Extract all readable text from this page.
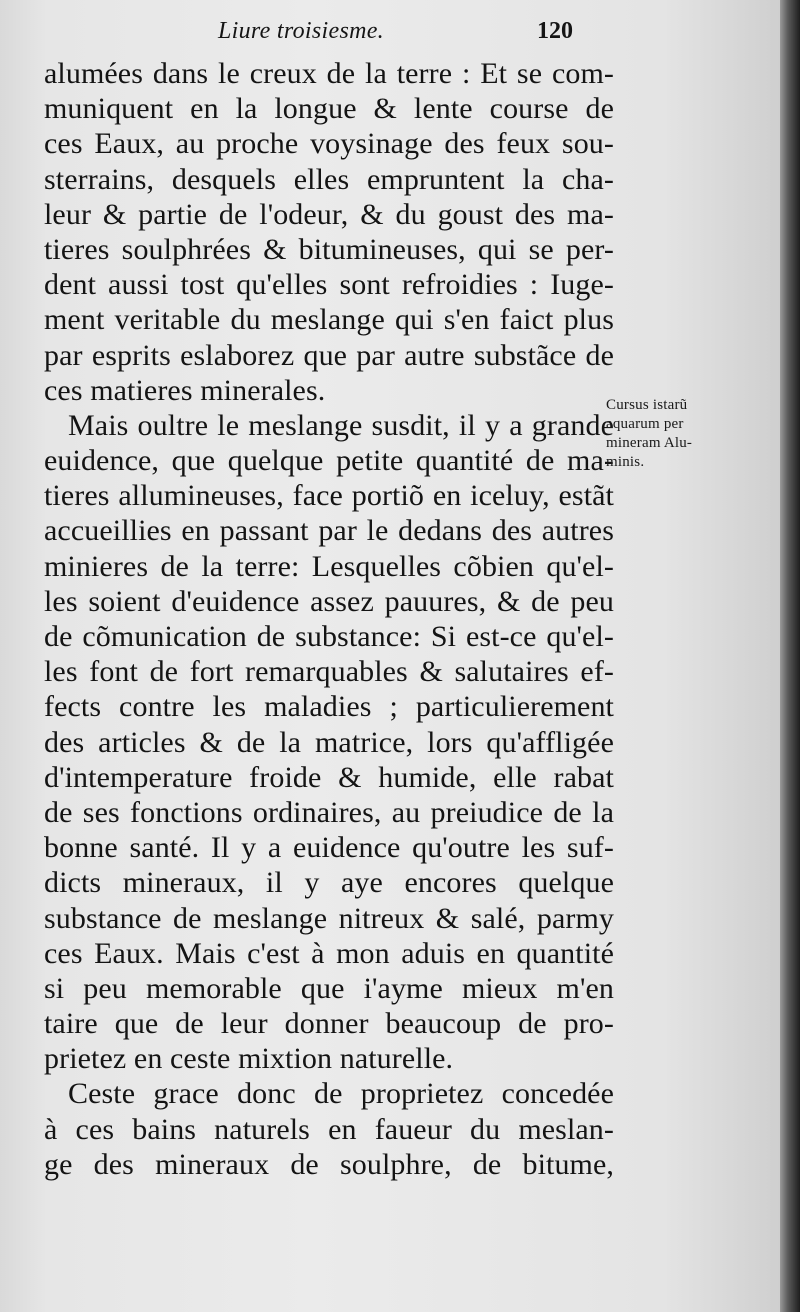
Liure troisiesme.	120
alumées dans le creux de la terre : Et se com-
muniquent en la longue & lente course de
ces Eaux, au proche voysinage des feux sou-
sterrains, desquels elles empruntent la cha-
leur & partie de l'odeur, & du goust des ma-
tieres soulphrées & bitumineuses, qui se per-
dent aussi tost qu'elles sont refroidies : Iuge-
ment veritable du meslange qui s'en faict plus
par esprits eslaborez que par autre substãce de
ces matieres minerales.
Mais oultre le meslange susdit, il y a grande
euidence, que quelque petite quantité de ma-
tieres allumineuses, face portiõ en iceluy, estãt
accueillies en passant par le dedans des autres
minieres de la terre: Lesquelles cõbien qu'el-
les soient d'euidence assez pauures, & de peu
de cõmunication de substance: Si est-ce qu'el-
les font de fort remarquables & salutaires ef-
fects contre les maladies ; particulierement
des articles & de la matrice, lors qu'affligée
d'intemperature froide & humide, elle rabat
de ses fonctions ordinaires, au preiudice de la
bonne santé. Il y a euidence qu'outre les suf-
dicts mineraux, il y aye encores quelque
substance de meslange nitreux & salé, parmy
ces Eaux. Mais c'est à mon aduis en quantité
si peu memorable que i'ayme mieux m'en
taire que de leur donner beaucoup de pro-
prietez en ceste mixtion naturelle.
Ceste grace donc de proprietez concedée
à ces bains naturels en faueur du meslan-
ge des mineraux de soulphre, de bitume,
Cursus istarũ
aquarum per
mineram Alu-
minis.
